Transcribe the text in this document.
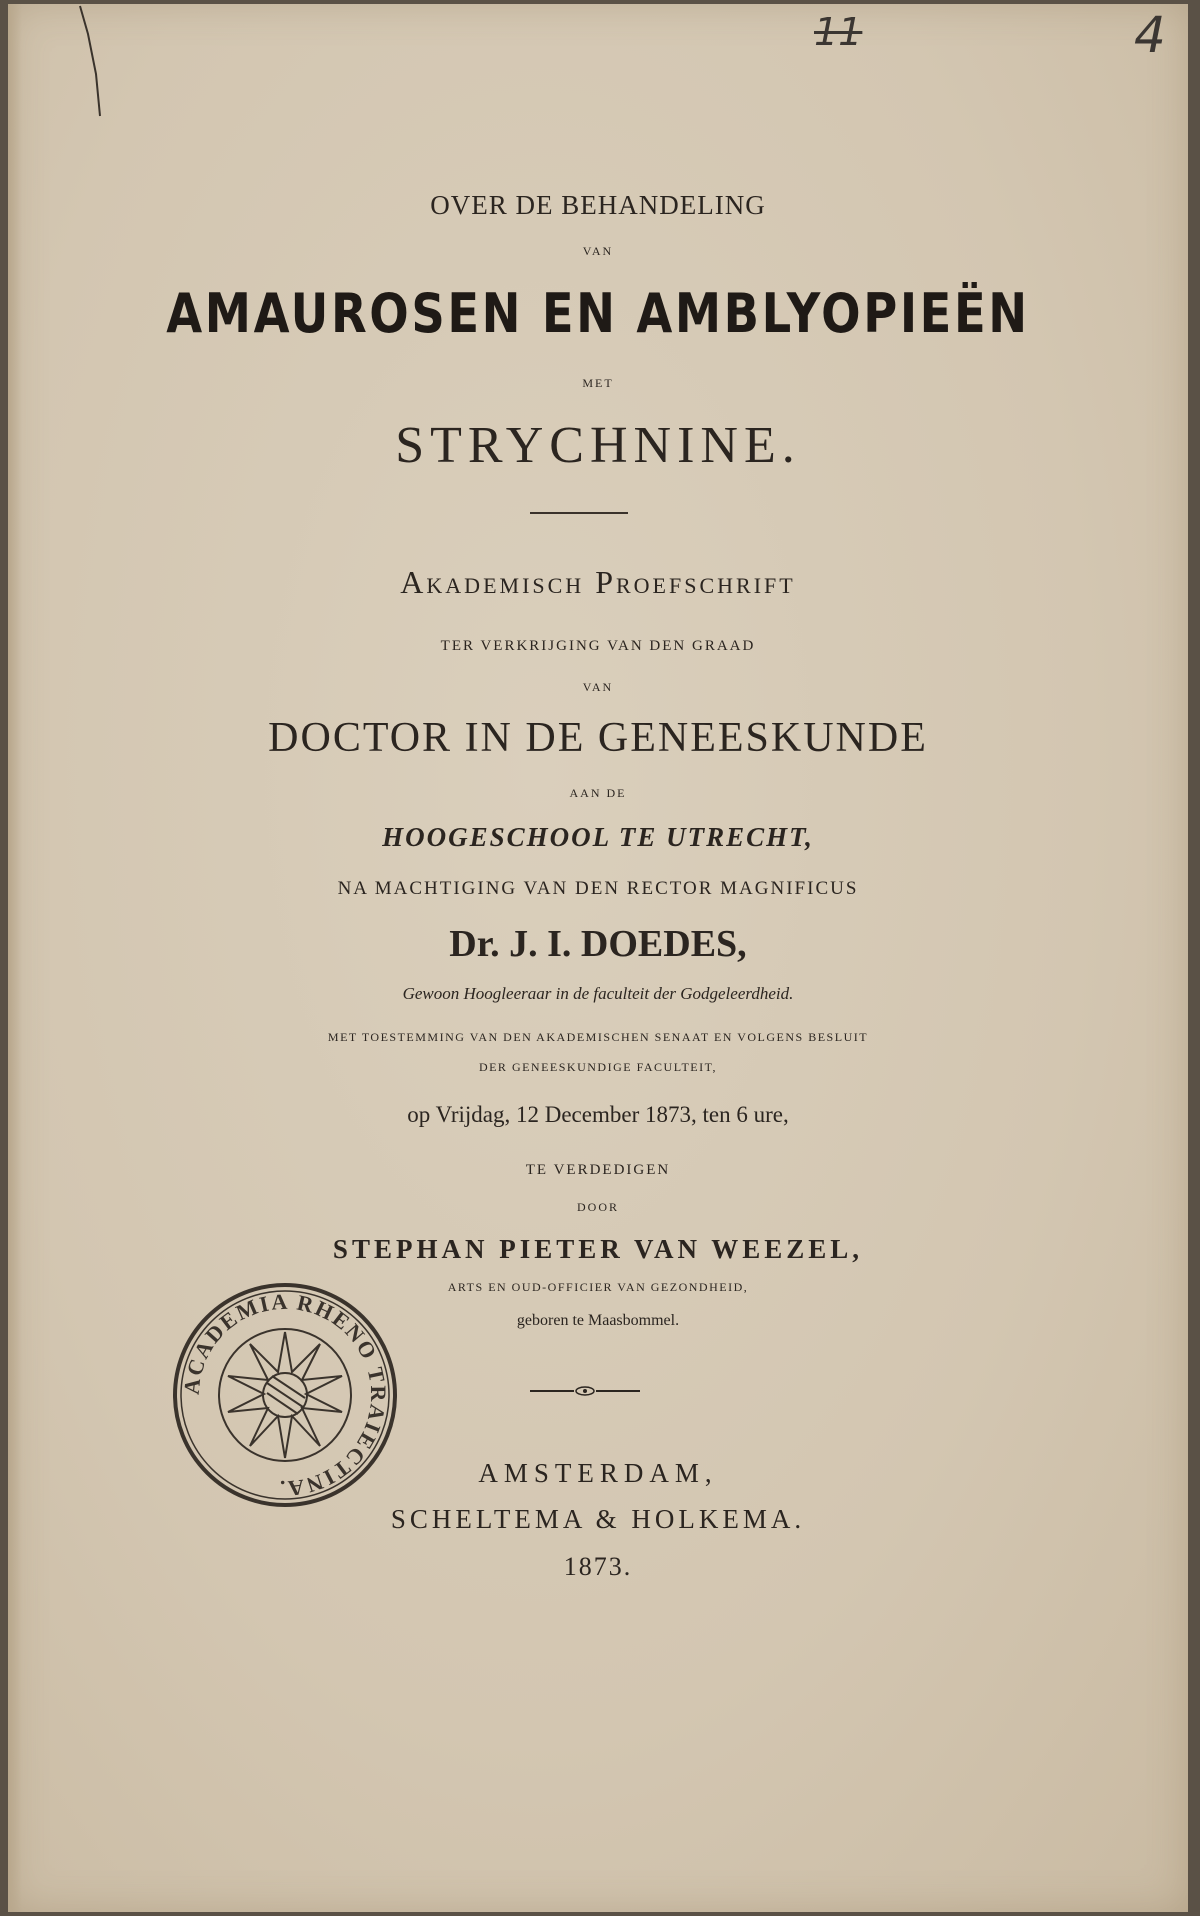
11	4
OVER DE BEHANDELING
VAN
AMAUROSEN EN AMBLYOPIEËN
MET
STRYCHNINE.
Akademisch Proefschrift
TER VERKRIJGING VAN DEN GRAAD
VAN
DOCTOR IN DE GENEESKUNDE
AAN DE
HOOGESCHOOL TE UTRECHT,
NA MACHTIGING VAN DEN RECTOR MAGNIFICUS
Dr. J. I. DOEDES,
Gewoon Hoogleeraar in de faculteit der Godgeleerdheid.
MET TOESTEMMING VAN DEN AKADEMISCHEN SENAAT EN VOLGENS BESLUIT
DER GENEESKUNDIGE FACULTEIT,
op Vrijdag, 12 December 1873, ten 6 ure,
TE VERDEDIGEN
DOOR
STEPHAN PIETER VAN WEEZEL,
ARTS EN OUD-OFFICIER VAN GEZONDHEID,
geboren te Maasbommel.
AMSTERDAM,
SCHELTEMA & HOLKEMA.
1873.
ACADEMIA RHENO TRAIECTINA.
